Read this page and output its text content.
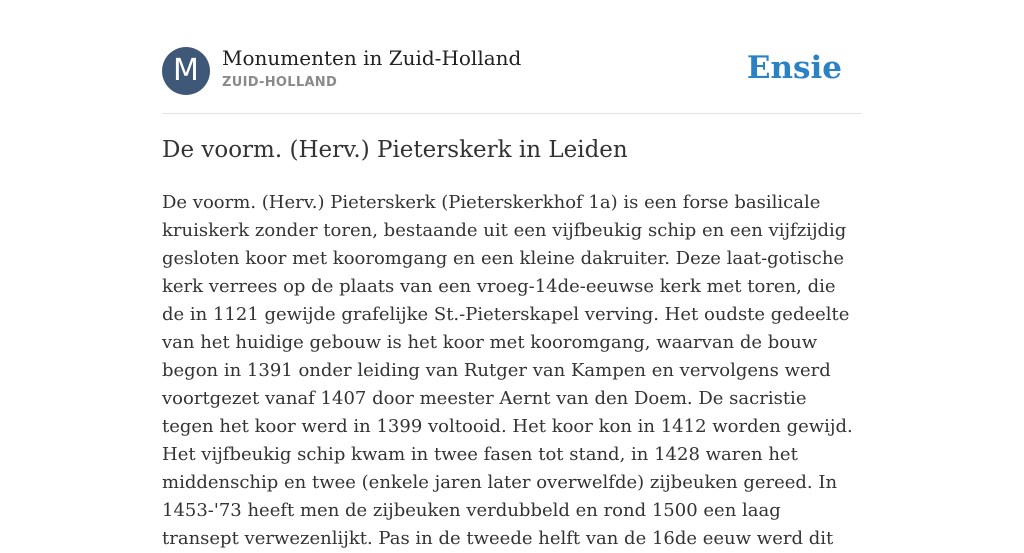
M	Monumenten in Zuid-Holland
ZUID-HOLLAND	Ensie
De voorm. (Herv.) Pieterskerk in Leiden

De voorm. (Herv.) Pieterskerk (Pieterskerkhof 1a) is een forse basilicale kruiskerk zonder toren, bestaande uit een vijfbeukig schip en een vijfzijdig gesloten koor met kooromgang en een kleine dakruiter. Deze laat-gotische kerk verrees op de plaats van een vroeg-14de-eeuwse kerk met toren, die de in 1121 gewijde grafelijke St.-Pieterskapel verving. Het oudste gedeelte van het huidige gebouw is het koor met kooromgang, waarvan de bouw begon in 1391 onder leiding van Rutger van Kampen en vervolgens werd voortgezet vanaf 1407 door meester Aernt van den Doem. De sacristie tegen het koor werd in 1399 voltooid. Het koor kon in 1412 worden gewijd. Het vijfbeukig schip kwam in twee fasen tot stand, in 1428 waren het middenschip en twee (enkele jaren later overwelfde) zijbeuken gereed. In 1453-'73 heeft men de zijbeuken verdubbeld en rond 1500 een laag transept verwezenlijkt. Pas in de tweede helft van de 16de eeuw werd dit
